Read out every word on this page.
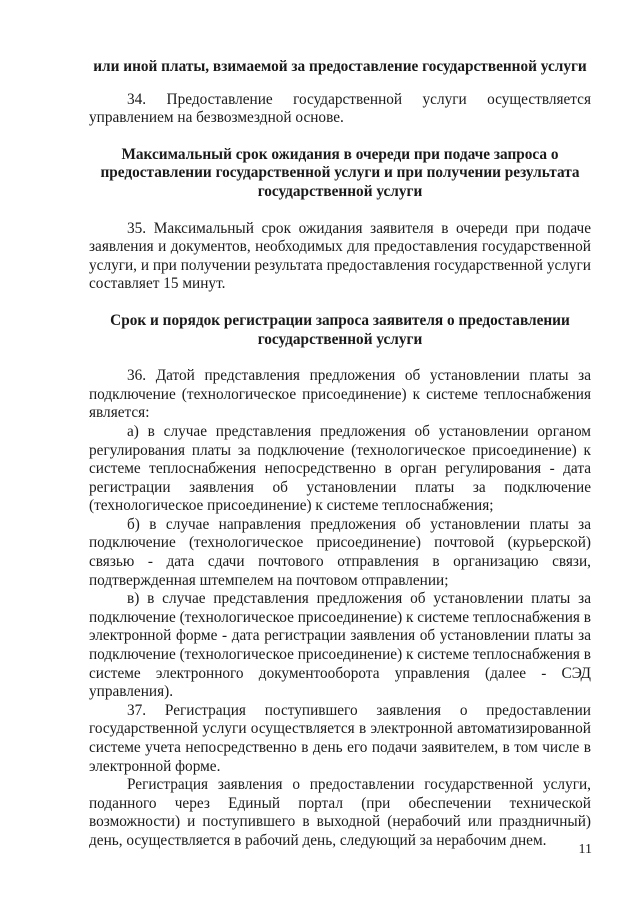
или иной платы, взимаемой за предоставление государственной услуги

34. Предоставление государственной услуги осуществляется управлением на безвозмездной основе.

Максимальный срок ожидания в очереди при подаче запроса о предоставлении государственной услуги и при получении результата государственной услуги

35. Максимальный срок ожидания заявителя в очереди при подаче заявления и документов, необходимых для предоставления государственной услуги, и при получении результата предоставления государственной услуги составляет 15 минут.

Срок и порядок регистрации запроса заявителя о предоставлении государственной услуги

36. Датой представления предложения об установлении платы за подключение (технологическое присоединение) к системе теплоснабжения является:

а) в случае представления предложения об установлении органом регулирования платы за подключение (технологическое присоединение) к системе теплоснабжения непосредственно в орган регулирования - дата регистрации заявления об установлении платы за подключение (технологическое присоединение) к системе теплоснабжения;

б) в случае направления предложения об установлении платы за подключение (технологическое присоединение) почтовой (курьерской) связью - дата сдачи почтового отправления в организацию связи, подтвержденная штемпелем на почтовом отправлении;

в) в случае представления предложения об установлении платы за подключение (технологическое присоединение) к системе теплоснабжения в электронной форме - дата регистрации заявления об установлении платы за подключение (технологическое присоединение) к системе теплоснабжения в системе электронного документооборота управления (далее - СЭД управления).

37. Регистрация поступившего заявления о предоставлении государственной услуги осуществляется в электронной автоматизированной системе учета непосредственно в день его подачи заявителем, в том числе в электронной форме.

Регистрация заявления о предоставлении государственной услуги, поданного через Единый портал (при обеспечении технической возможности) и поступившего в выходной (нерабочий или праздничный) день, осуществляется в рабочий день, следующий за нерабочим днем.

11
